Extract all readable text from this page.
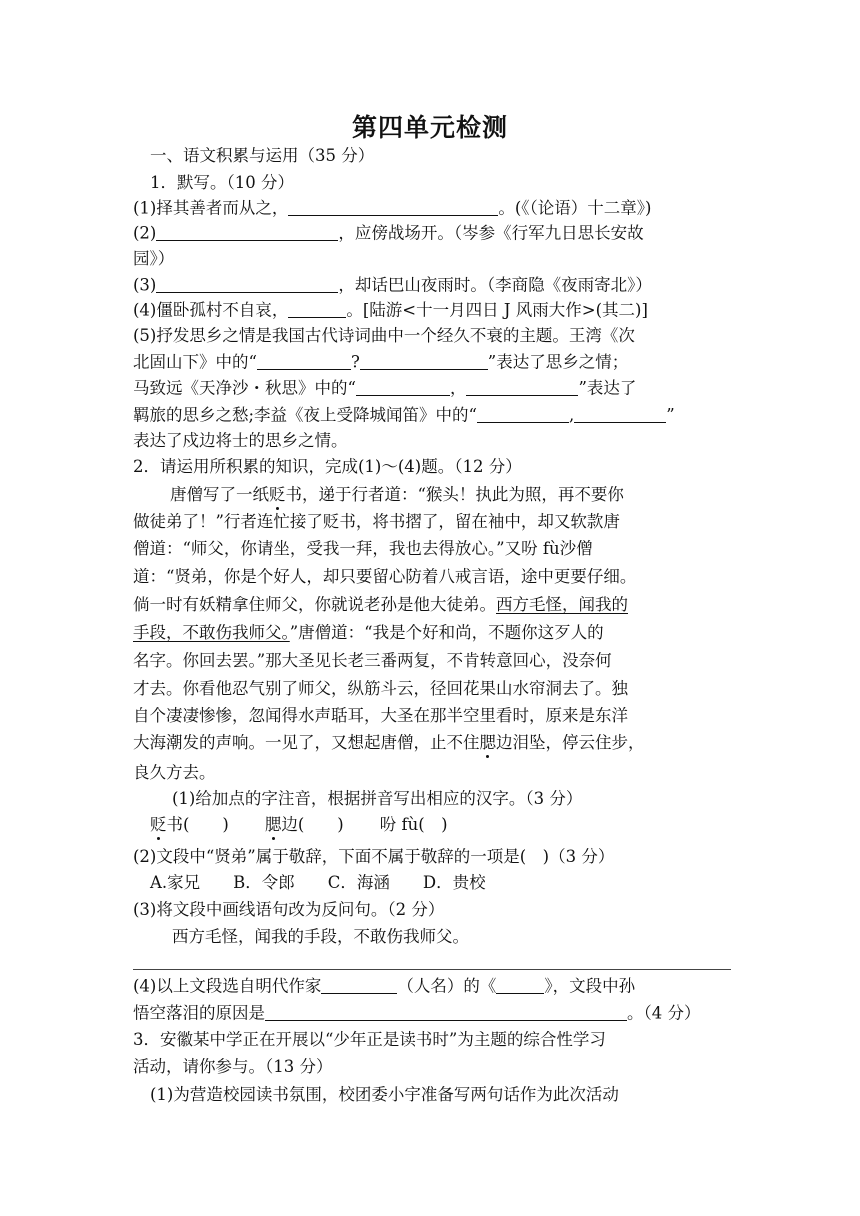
第四单元检测
一、语文积累与运用（35 分）
1．默写。（10 分）
(1)择其善者而从之，	。(《（论语）十二章》)
(2)	，应傍战场开。（岑参《行军九日思长安故
园》）
(3)	，却话巴山夜雨时。（李商隐《夜雨寄北》）
(4)僵卧孤村不自哀，	。[陆游<十一月四日 J 风雨大作>(其二)]
(5)抒发思乡之情是我国古代诗词曲中一个经久不衰的主题。王湾《次
北固山下》中的“	?	”表达了思乡之情；
马致远《天净沙・秋思》中的“	，	”表达了
羁旅的思乡之愁;李益《夜上受降城闻笛》中的“	,	”
表达了戍边将士的思乡之情。
2．请运用所积累的知识，完成(1)～(4)题。（12 分）
唐僧写了一纸贬书，递于行者道：“猴头！执此为照，再不要你
做徒弟了！”行者连忙接了贬书，将书摺了，留在袖中，却又软款唐
僧道：“师父，你请坐，受我一拜，我也去得放心。”又吩 fù沙僧
道：“贤弟，你是个好人，却只要留心防着八戒言语，途中更要仔细。
倘一时有妖精拿住师父，你就说老孙是他大徒弟。西方毛怪，闻我的
手段，不敢伤我师父。”唐僧道：“我是个好和尚，不题你这歹人的
名字。你回去罢。”那大圣见长老三番两复，不肯转意回心，没奈何
才去。你看他忍气别了师父，纵筋斗云，径回花果山水帘洞去了。独
自个凄凄惨惨，忽闻得水声聒耳，大圣在那半空里看时，原来是东洋
大海潮发的声响。一见了，又想起唐僧，止不住腮边泪坠，停云住步，
良久方去。
(1)给加点的字注音，根据拼音写出相应的汉字。（3 分）
贬书(　　) 腮边(　　) 吩 fù(　)
(2)文段中“贤弟”属于敬辞，下面不属于敬辞的一项是(　)（3 分）
A.家兄　　B．令郎　　C．海涵　　D．贵校
(3)将文段中画线语句改为反问句。（2 分）
西方毛怪，闻我的手段，不敢伤我师父。
(4)以上文段选自明代作家	（人名）的《	》，文段中孙
悟空落泪的原因是	。（4 分）
3．安徽某中学正在开展以“少年正是读书时”为主题的综合性学习
活动，请你参与。（13 分）
(1)为营造校园读书氛围，校团委小宇准备写两句话作为此次活动
